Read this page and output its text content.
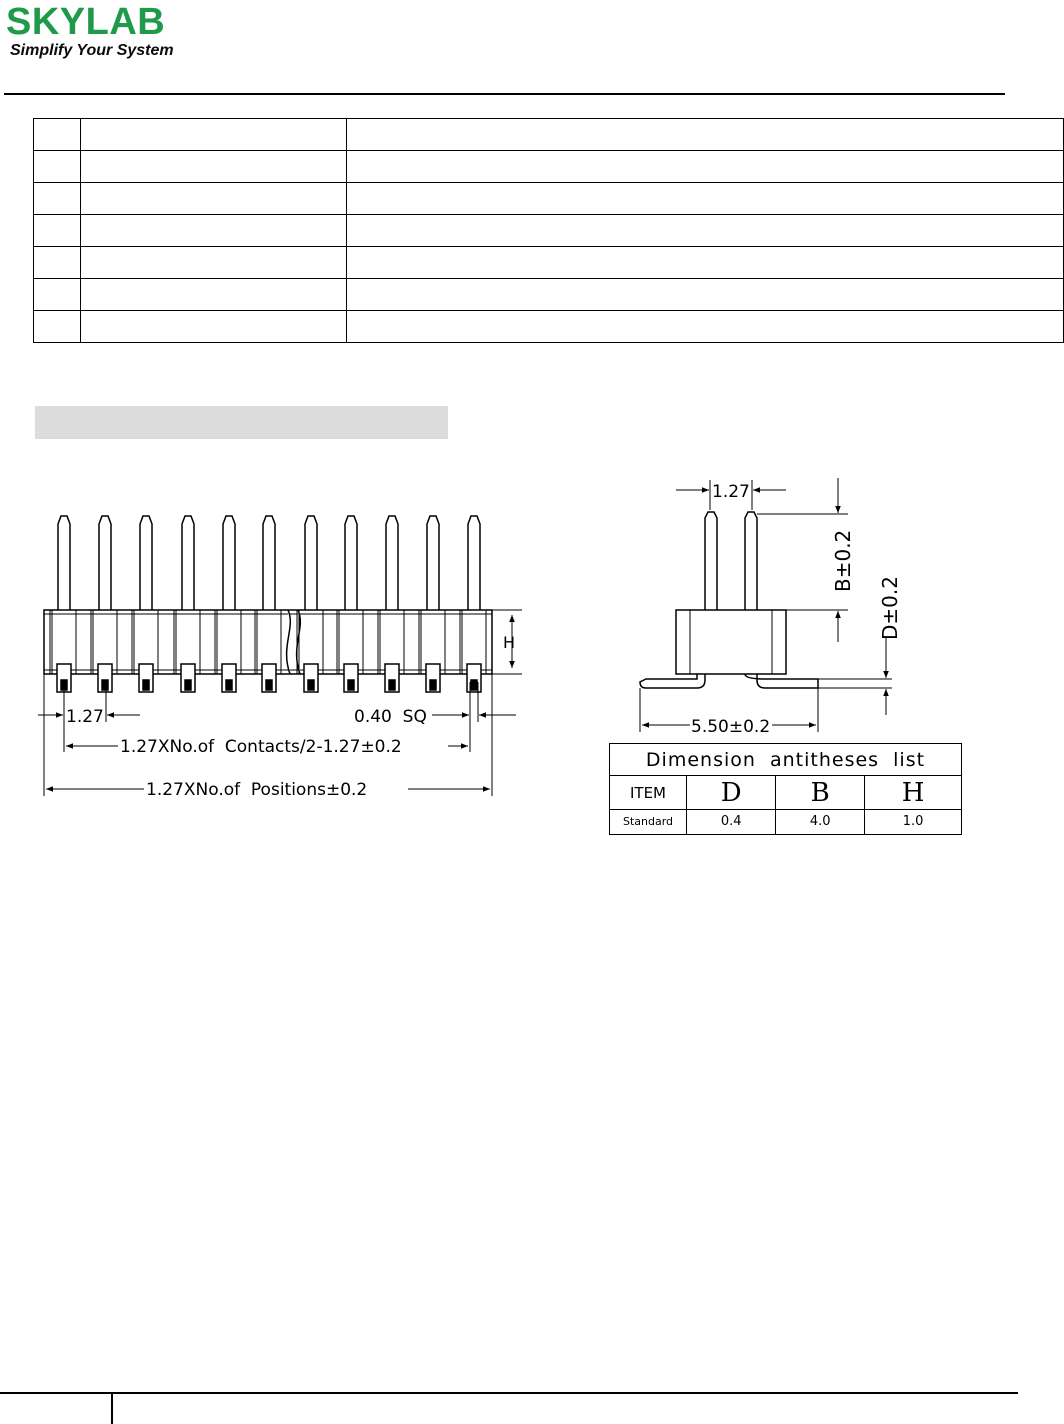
SKYLAB
Simplify Your System

1.27	0.40  SQ
1.27XNo.of  Contacts/2-1.27±0.2
1.27XNo.of  Positions±0.2
H
1.27
B±0.2
D±0.2
5.50±0.2
Dimension  antitheses  list			
ITEM	D	B	H
Standard	0.4	4.0	1.0
